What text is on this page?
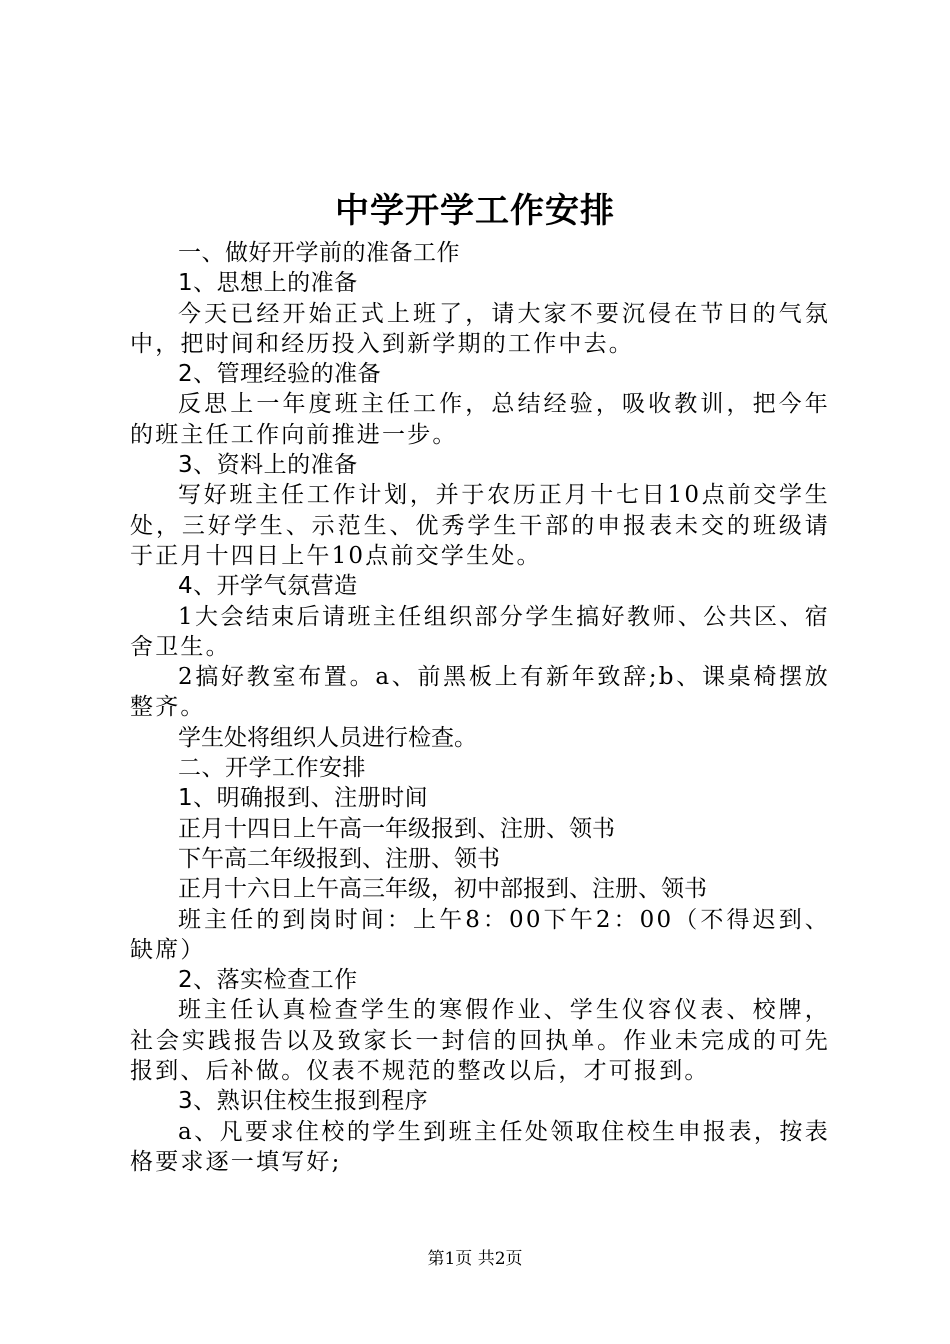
中学开学工作安排
一、做好开学前的准备工作
1、思想上的准备
今天已经开始正式上班了，请大家不要沉侵在节日的气氛中，把时间和经历投入到新学期的工作中去。
2、管理经验的准备
反思上一年度班主任工作，总结经验，吸收教训，把今年的班主任工作向前推进一步。
3、资料上的准备
写好班主任工作计划，并于农历正月十七日10点前交学生处，三好学生、示范生、优秀学生干部的申报表未交的班级请于正月十四日上午10点前交学生处。
4、开学气氛营造
1大会结束后请班主任组织部分学生搞好教师、公共区、宿舍卫生。
2搞好教室布置。a、前黑板上有新年致辞;b、课桌椅摆放整齐。
学生处将组织人员进行检查。
二、开学工作安排
1、明确报到、注册时间
正月十四日上午高一年级报到、注册、领书
下午高二年级报到、注册、领书
正月十六日上午高三年级，初中部报到、注册、领书
班主任的到岗时间：上午8：00下午2：00（不得迟到、缺席）
2、落实检查工作
班主任认真检查学生的寒假作业、学生仪容仪表、校牌，社会实践报告以及致家长一封信的回执单。作业未完成的可先报到、后补做。仪表不规范的整改以后，才可报到。
3、熟识住校生报到程序
a、凡要求住校的学生到班主任处领取住校生申报表，按表格要求逐一填写好;
第1页 共2页
